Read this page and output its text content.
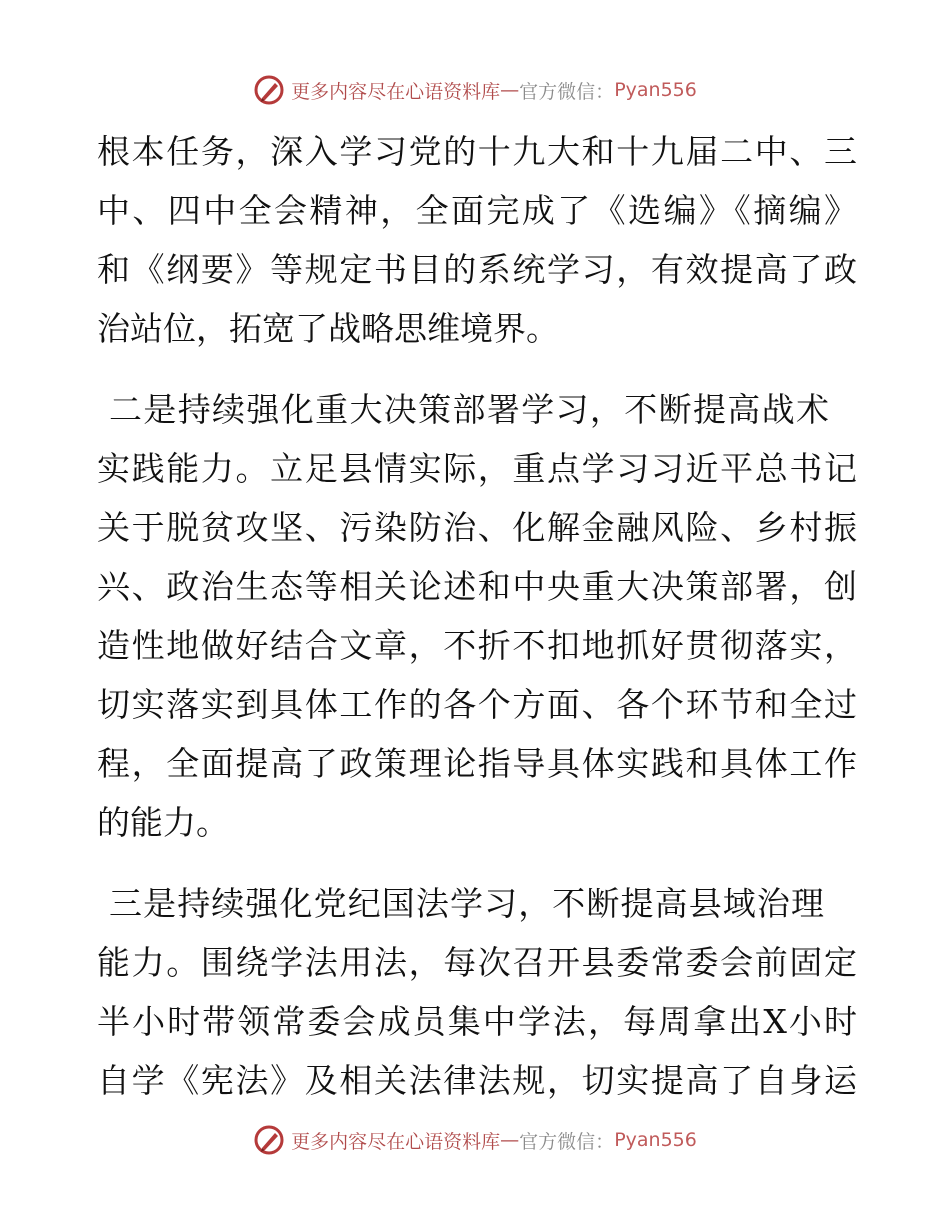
更多内容尽在心语资料库 — 官方微信： Pyan556
根本任务，深入学习党的十九大和十九届二中、三
中、四中全会精神，全面完成了《选编》《摘编》
和《纲要》等规定书目的系统学习，有效提高了政
治站位，拓宽了战略思维境界。
二是持续强化重大决策部署学习，不断提高战术
实践能力。立足县情实际，重点学习习近平总书记
关于脱贫攻坚、污染防治、化解金融风险、乡村振
兴、政治生态等相关论述和中央重大决策部署，创
造性地做好结合文章，不折不扣地抓好贯彻落实，
切实落实到具体工作的各个方面、各个环节和全过
程，全面提高了政策理论指导具体实践和具体工作
的能力。
三是持续强化党纪国法学习，不断提高县域治理
能力。围绕学法用法，每次召开县委常委会前固定
半小时带领常委会成员集中学法，每周拿出X小时
自学《宪法》及相关法律法规，切实提高了自身运
更多内容尽在心语资料库 — 官方微信： Pyan556
